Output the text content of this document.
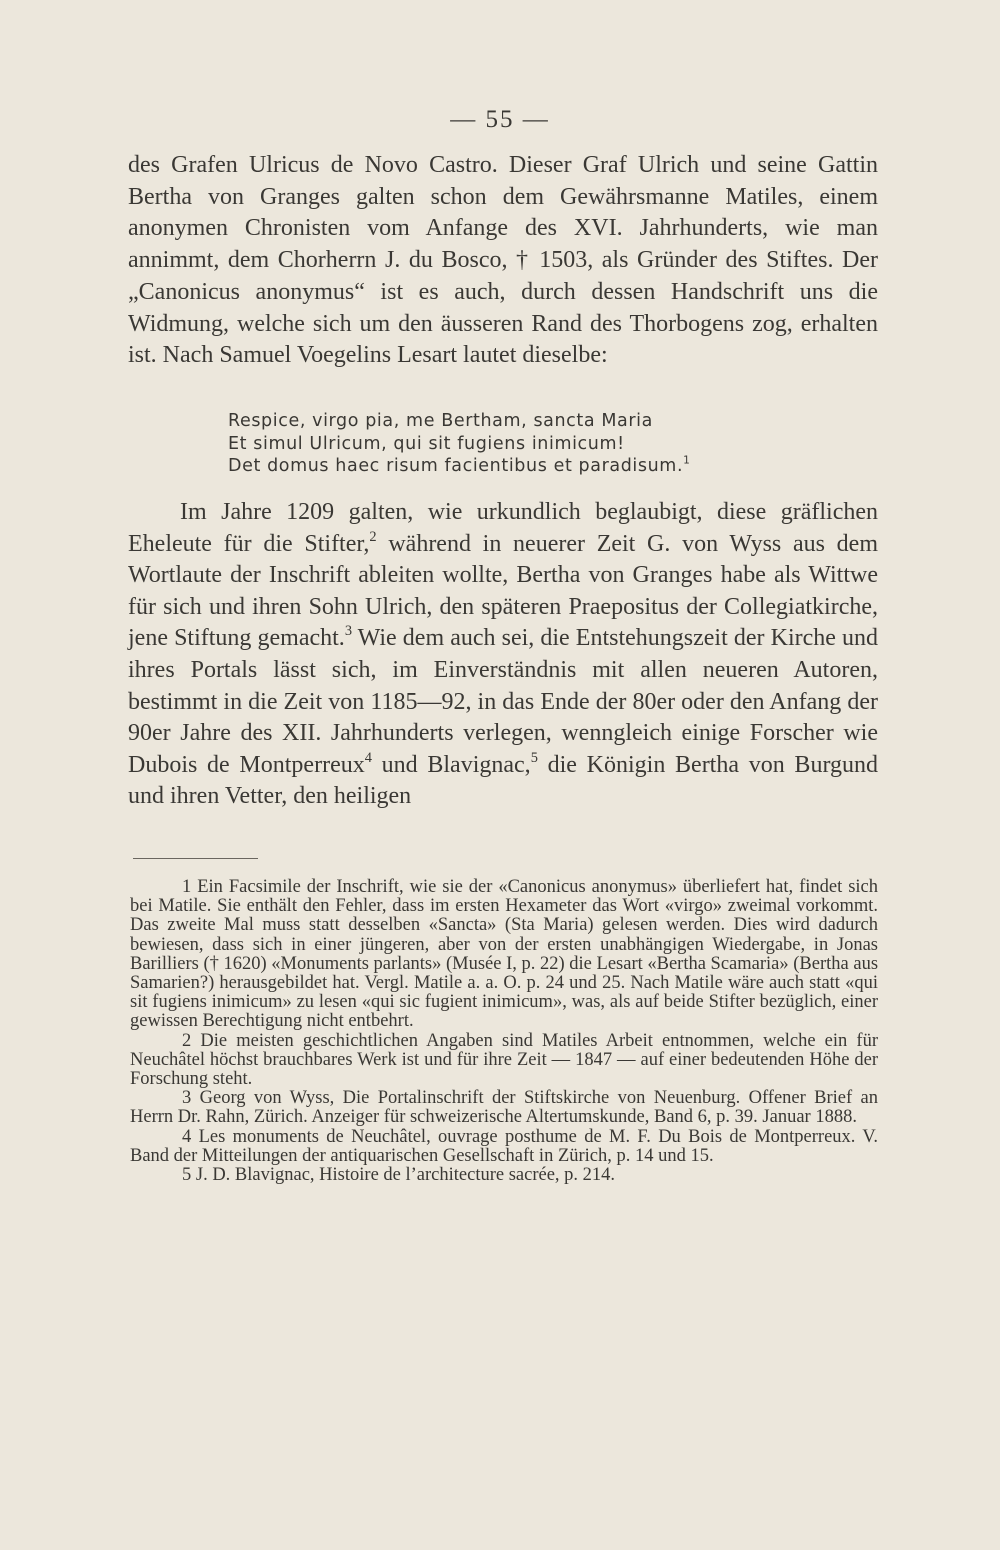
— 55 —

des Grafen Ulricus de Novo Castro. Dieser Graf Ulrich und seine Gattin Bertha von Granges galten schon dem Gewährsmanne Matiles, einem anonymen Chronisten vom Anfange des XVI. Jahrhunderts, wie man annimmt, dem Chorherrn J. du Bosco, † 1503, als Gründer des Stiftes. Der „Canonicus anonymus“ ist es auch, durch dessen Handschrift uns die Widmung, welche sich um den äusseren Rand des Thorbogens zog, erhalten ist. Nach Samuel Voegelins Lesart lautet dieselbe:

Respice, virgo pia, me Bertham, sancta Maria
Et simul Ulricum, qui sit fugiens inimicum!
Det domus haec risum facientibus et paradisum.$^1$
Im Jahre 1209 galten, wie urkundlich beglaubigt, diese gräflichen Eheleute für die Stifter,$^2$ während in neuerer Zeit G. von Wyss aus dem Wortlaute der Inschrift ableiten wollte, Bertha von Granges habe als Wittwe für sich und ihren Sohn Ulrich, den späteren Praepositus der Collegiatkirche, jene Stiftung gemacht.$^3$ Wie dem auch sei, die Entstehungszeit der Kirche und ihres Portals lässt sich, im Einverständnis mit allen neueren Autoren, bestimmt in die Zeit von 1185—92, in das Ende der 80er oder den Anfang der 90er Jahre des XII. Jahrhunderts verlegen, wenngleich einige Forscher wie Dubois de Montperreux$^4$ und Blavignac,$^5$ die Königin Bertha von Burgund und ihren Vetter, den heiligen

1 Ein Facsimile der Inschrift, wie sie der «Canonicus anonymus» überliefert hat, findet sich bei Matile. Sie enthält den Fehler, dass im ersten Hexameter das Wort «virgo» zweimal vorkommt. Das zweite Mal muss statt desselben «Sancta» (Sta Maria) gelesen werden. Dies wird dadurch bewiesen, dass sich in einer jüngeren, aber von der ersten unabhängigen Wiedergabe, in Jonas Barilliers († 1620) «Monuments parlants» (Musée I, p. 22) die Lesart «Bertha Scamaria» (Bertha aus Samarien?) herausgebildet hat. Vergl. Matile a. a. O. p. 24 und 25. Nach Matile wäre auch statt «qui sit fugiens inimicum» zu lesen «qui sic fugient inimicum», was, als auf beide Stifter bezüglich, einer gewissen Berechtigung nicht entbehrt.

2 Die meisten geschichtlichen Angaben sind Matiles Arbeit entnommen, welche ein für Neuchâtel höchst brauchbares Werk ist und für ihre Zeit — 1847 — auf einer bedeutenden Höhe der Forschung steht.

3 Georg von Wyss, Die Portalinschrift der Stiftskirche von Neuenburg. Offener Brief an Herrn Dr. Rahn, Zürich. Anzeiger für schweizerische Altertumskunde, Band 6, p. 39. Januar 1888.

4 Les monuments de Neuchâtel, ouvrage posthume de M. F. Du Bois de Montperreux. V. Band der Mitteilungen der antiquarischen Gesellschaft in Zürich, p. 14 und 15.

5 J. D. Blavignac, Histoire de l’architecture sacrée, p. 214.
